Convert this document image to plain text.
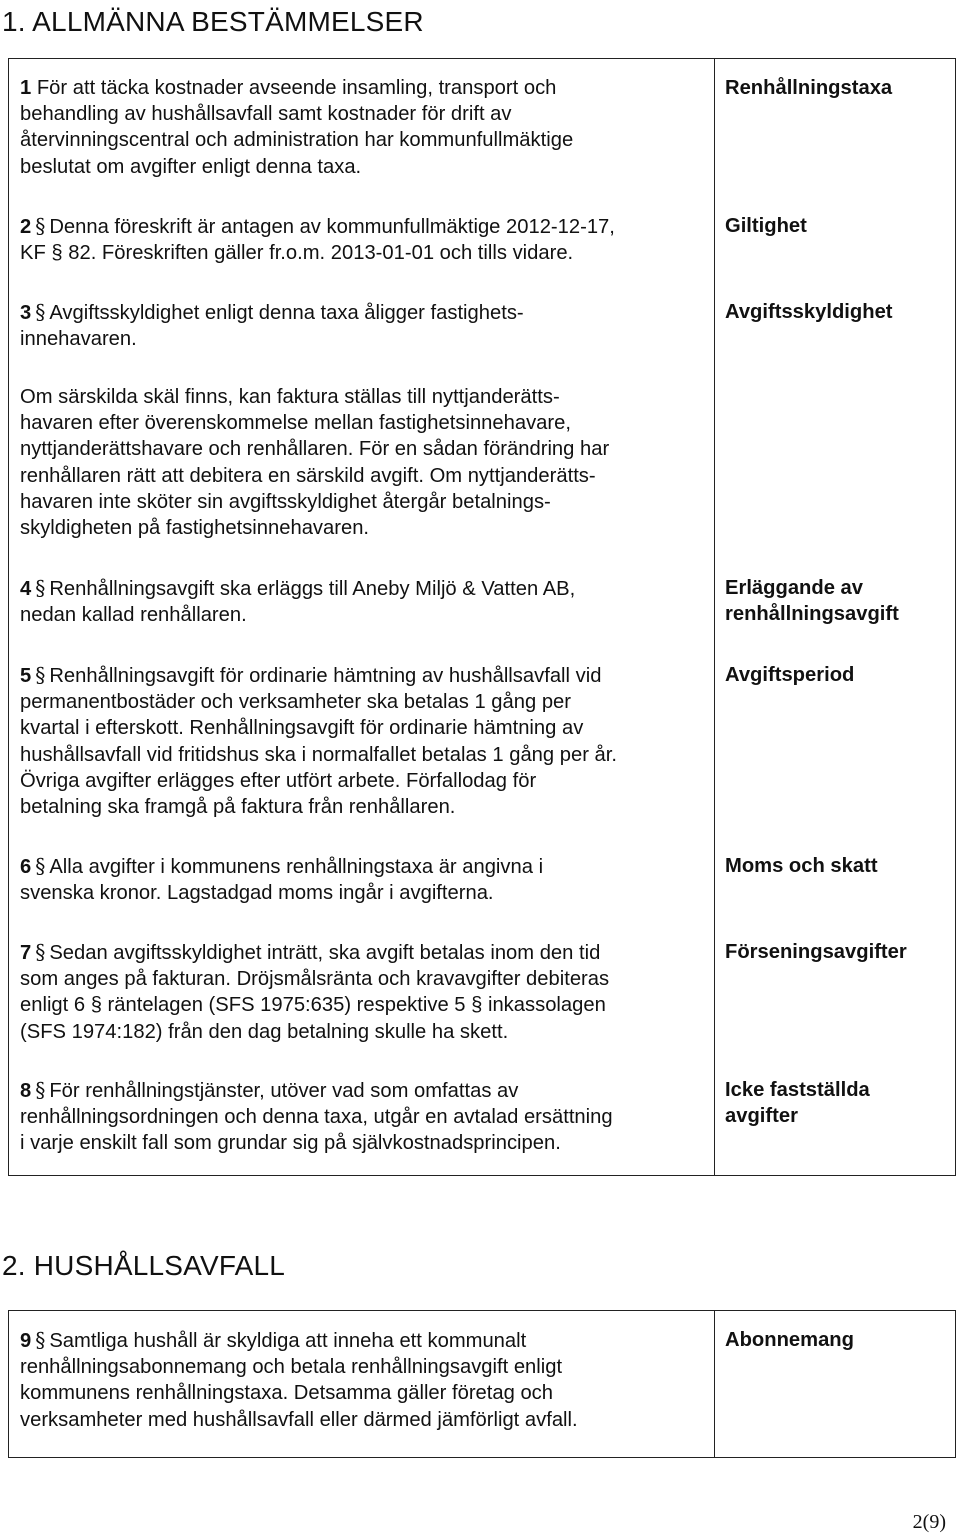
1. ALLMÄNNA BESTÄMMELSER

1 För att täcka kostnader avseende insamling, transport och
behandling av hushållsavfall samt kostnader för drift av
återvinningscentral och administration har kommunfullmäktige
beslutat om avgifter enligt denna taxa.

2 § Denna föreskrift är antagen av kommunfullmäktige 2012-12-17,
KF § 82. Föreskriften gäller fr.o.m. 2013-01-01 och tills vidare.

3 § Avgiftsskyldighet enligt denna taxa åligger fastighets-
innehavaren.

Om särskilda skäl finns, kan faktura ställas till nyttjanderätts-
havaren efter överenskommelse mellan fastighetsinnehavare,
nyttjanderättshavare och renhållaren. För en sådan förändring har
renhållaren rätt att debitera en särskild avgift. Om nyttjanderätts-
havaren inte sköter sin avgiftsskyldighet återgår betalnings-
skyldigheten på fastighetsinnehavaren.

4 § Renhållningsavgift ska erläggs till Aneby Miljö & Vatten AB,
nedan kallad renhållaren.

5 § Renhållningsavgift för ordinarie hämtning av hushållsavfall vid
permanentbostäder och verksamheter ska betalas 1 gång per
kvartal i efterskott. Renhållningsavgift för ordinarie hämtning av
hushållsavfall vid fritidshus ska i normalfallet betalas 1 gång per år.
Övriga avgifter erlägges efter utfört arbete. Förfallodag för
betalning ska framgå på faktura från renhållaren.

6 § Alla avgifter i kommunens renhållningstaxa är angivna i
svenska kronor. Lagstadgad moms ingår i avgifterna.

7 § Sedan avgiftsskyldighet inträtt, ska avgift betalas inom den tid
som anges på fakturan. Dröjsmålsränta och kravavgifter debiteras
enligt 6 § räntelagen (SFS 1975:635) respektive 5 § inkassolagen
(SFS 1974:182) från den dag betalning skulle ha skett.

8 § För renhållningstjänster, utöver vad som omfattas av
renhållningsordningen och denna taxa, utgår en avtalad ersättning
i varje enskilt fall som grundar sig på självkostnadsprincipen.

Renhållningstaxa

Giltighet

Avgiftsskyldighet

Erläggande av
renhållningsavgift

Avgiftsperiod

Moms och skatt

Förseningsavgifter

Icke fastställda
avgifter

2. HUSHÅLLSAVFALL

9 § Samtliga hushåll är skyldiga att inneha ett kommunalt
renhållningsabonnemang och betala renhållningsavgift enligt
kommunens renhållningstaxa. Detsamma gäller företag och
verksamheter med hushållsavfall eller därmed jämförligt avfall.

Abonnemang

2(9)
